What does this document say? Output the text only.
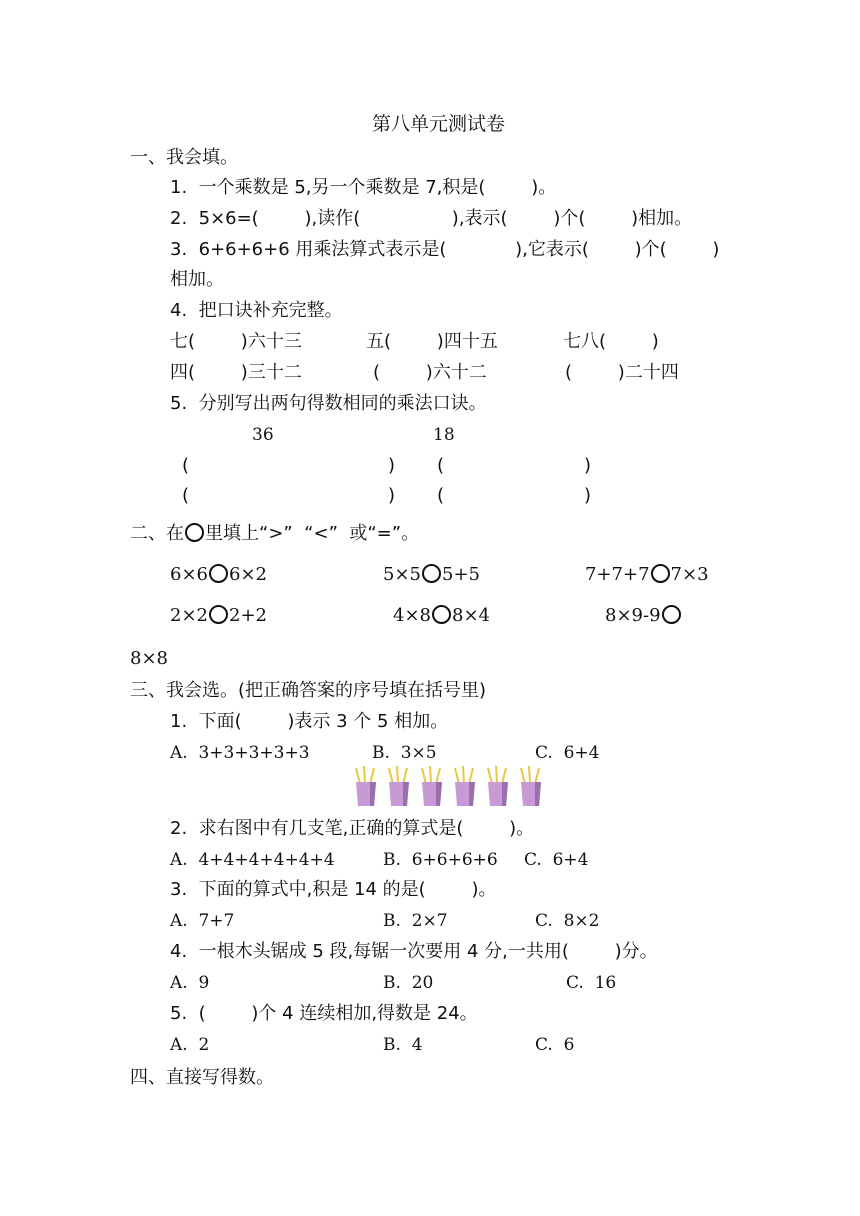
第八单元测试卷
一、我会填。
1.  一个乘数是 5,另一个乘数是 7,积是(        )。
2.  5×6=(        ),读作(                ),表示(        )个(        )相加。
3.  6+6+6+6 用乘法算式表示是(            ),它表示(        )个(        )
相加。
4.  把口诀补充完整。
七(        )六十三	五(        )四十五	七八(        )
四(        )三十二	(        )六十二	(        )二十四
5.  分别写出两句得数相同的乘法口诀。
36	18
(	) (	)
(	) (	)
二、在 里填上“>”  “<”  或“=”。
6×6 6×2	5×5 5+5	7+7+7 7×3
2×2 2+2	4×8 8×4	8×9-9
8×8
三、我会选。(把正确答案的序号填在括号里)
1.  下面(        )表示 3 个 5 相加。
A.  3+3+3+3+3	B.  3×5	C.  6+4
2.  求右图中有几支笔,正确的算式是(        )。
A.  4+4+4+4+4+4	B.  6+6+6+6 C.  6+4
3.  下面的算式中,积是 14 的是(        )。
A.  7+7	B.  2×7	C.  8×2
4.  一根木头锯成 5 段,每锯一次要用 4 分,一共用(        )分。
A.  9	B.  20	C.  16
5.  (        )个 4 连续相加,得数是 24。
A.  2	B.  4	C.  6
四、直接写得数。
